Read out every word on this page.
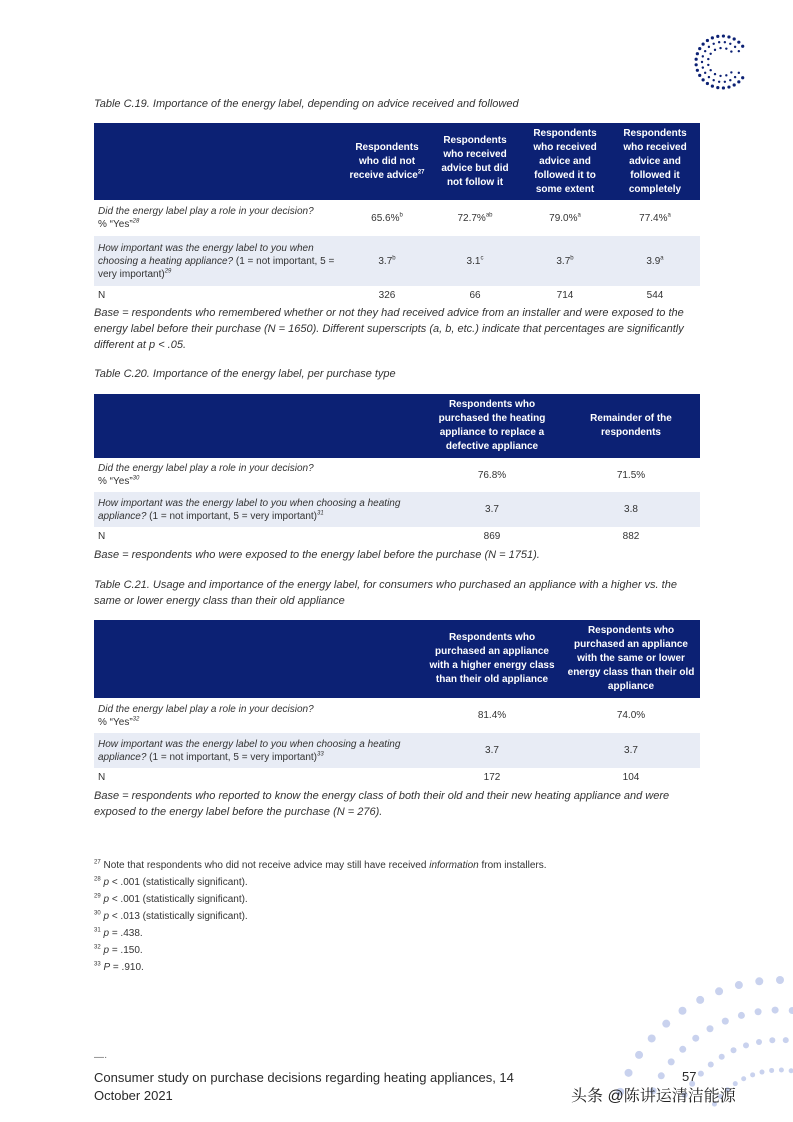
Table C.19. Importance of the energy label, depending on advice received and followed
	Respondents who did not receive advice$^{27}$	Respondents who received advice but did not follow it	Respondents who received advice and followed it to some extent	Respondents who received advice and followed it completely
Did the energy label play a role in your decision?
% “Yes”$^{28}$	65.6%$^b$	72.7%$^{ab}$	79.0%$^a$	77.4%$^a$
How important was the energy label to you when choosing a heating appliance? (1 = not important, 5 = very important)$^{29}$	3.7$^b$	3.1$^c$	3.7$^b$	3.9$^a$
N	326	66	714	544
Base = respondents who remembered whether or not they had received advice from an installer and were exposed to the energy label before their purchase (N = 1650). Different superscripts (a, b, etc.) indicate that percentages are significantly different at p < .05.
Table C.20. Importance of the energy label, per purchase type
	Respondents who purchased the heating appliance to replace a defective appliance	Remainder of the respondents
Did the energy label play a role in your decision?
% “Yes”$^{30}$	76.8%	71.5%
How important was the energy label to you when choosing a heating appliance? (1 = not important, 5 = very important)$^{31}$	3.7	3.8
N	869	882
Base = respondents who were exposed to the energy label before the purchase (N = 1751).
Table C.21. Usage and importance of the energy label, for consumers who purchased an appliance with a higher vs. the same or lower energy class than their old appliance
	Respondents who purchased an appliance with a higher energy class than their old appliance	Respondents who purchased an appliance with the same or lower energy class than their old appliance
Did the energy label play a role in your decision?
% “Yes”$^{32}$	81.4%	74.0%
How important was the energy label to you when choosing a heating appliance? (1 = not important, 5 = very important)$^{33}$	3.7	3.7
N	172	104
Base = respondents who reported to know the energy class of both their old and their new heating appliance and were exposed to the energy label before the purchase (N = 276).
$^{27}$ Note that respondents who did not receive advice may still have received information from installers.
$^{28}$ p < .001 (statistically significant).
$^{29}$ p < .001 (statistically significant).
$^{30}$ p < .013 (statistically significant).
$^{31}$ p = .438.
$^{32}$ p = .150.
$^{33}$ P = .910.
—·
Consumer study on purchase decisions regarding heating appliances, 14
October 2021
57
头条 @陈讲运清洁能源
